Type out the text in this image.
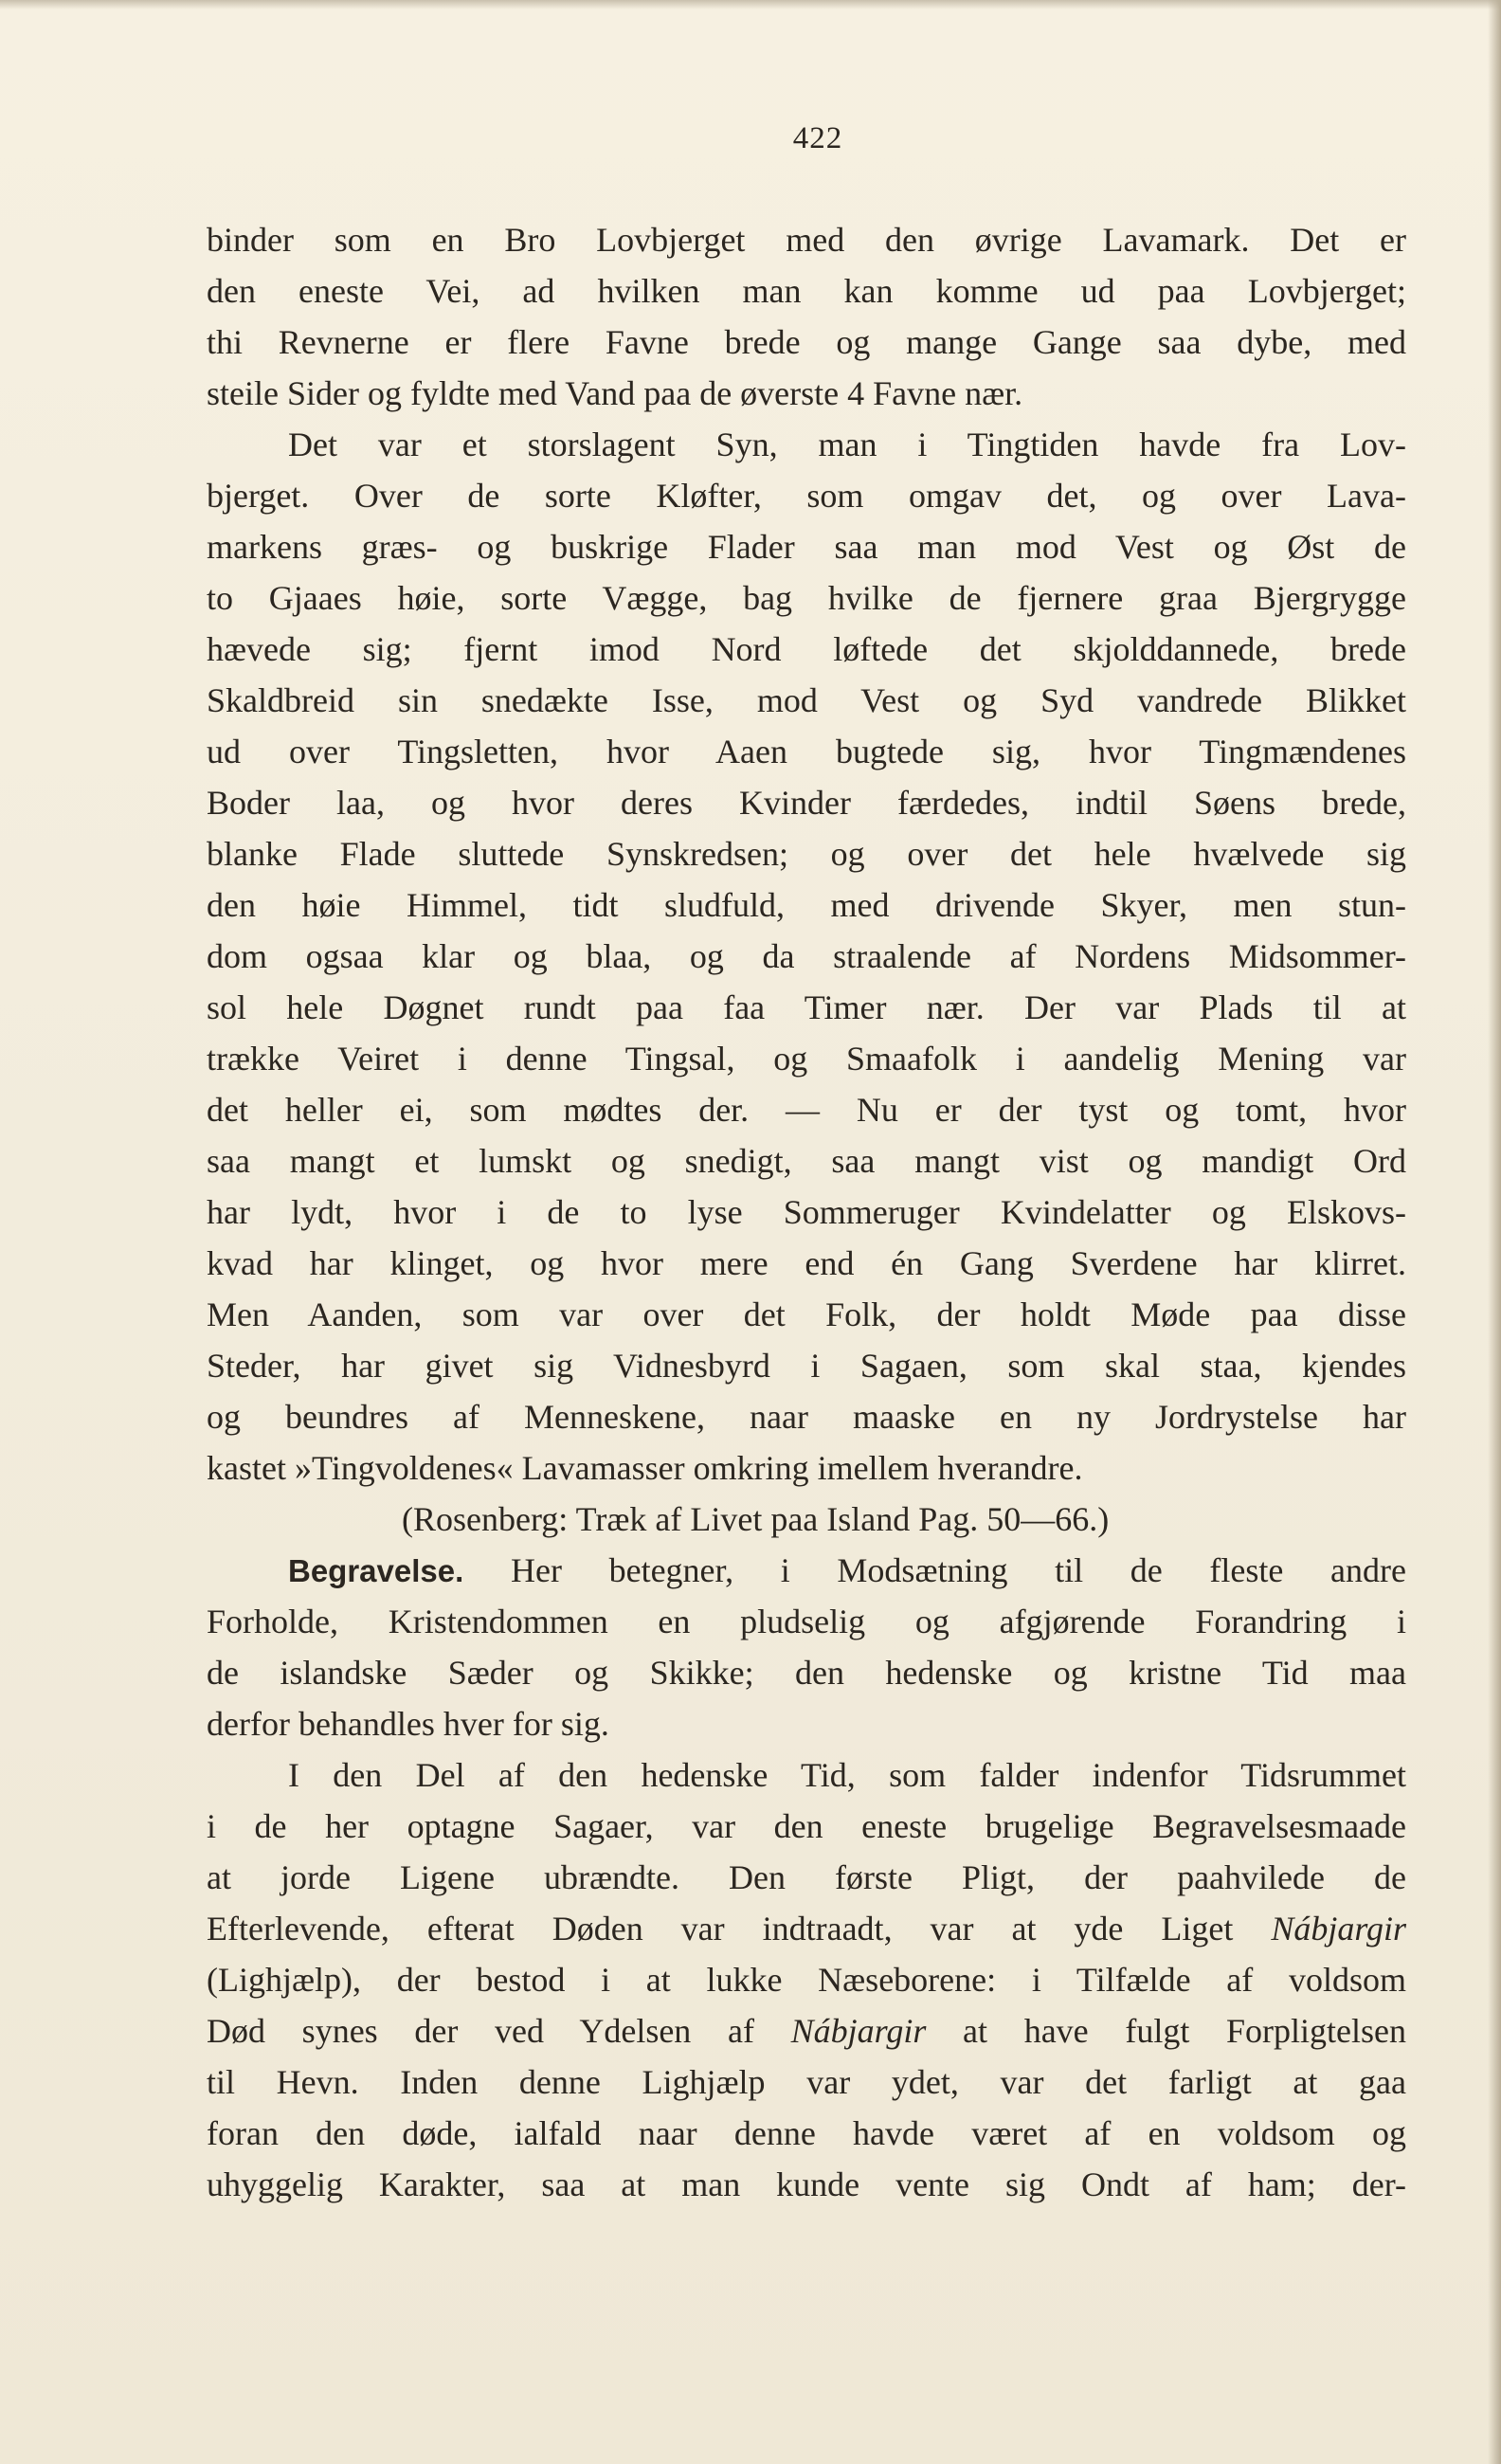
422
binder som en Bro Lovbjerget med den øvrige Lavamark. Det er
den eneste Vei, ad hvilken man kan komme ud paa Lovbjerget;
thi Revnerne er flere Favne brede og mange Gange saa dybe, med
steile Sider og fyldte med Vand paa de øverste 4 Favne nær.
Det var et storslagent Syn, man i Tingtiden havde fra Lov-
bjerget. Over de sorte Kløfter, som omgav det, og over Lava-
markens græs- og buskrige Flader saa man mod Vest og Øst de
to Gjaaes høie, sorte Vægge, bag hvilke de fjernere graa Bjergrygge
hævede sig; fjernt imod Nord løftede det skjolddannede, brede
Skaldbreid sin snedækte Isse, mod Vest og Syd vandrede Blikket
ud over Tingsletten, hvor Aaen bugtede sig, hvor Tingmændenes
Boder laa, og hvor deres Kvinder færdedes, indtil Søens brede,
blanke Flade sluttede Synskredsen; og over det hele hvælvede sig
den høie Himmel, tidt sludfuld, med drivende Skyer, men stun-
dom ogsaa klar og blaa, og da straalende af Nordens Midsommer-
sol hele Døgnet rundt paa faa Timer nær. Der var Plads til at
trække Veiret i denne Tingsal, og Smaafolk i aandelig Mening var
det heller ei, som mødtes der. — Nu er der tyst og tomt, hvor
saa mangt et lumskt og snedigt, saa mangt vist og mandigt Ord
har lydt, hvor i de to lyse Sommeruger Kvindelatter og Elskovs-
kvad har klinget, og hvor mere end én Gang Sverdene har klirret.
Men Aanden, som var over det Folk, der holdt Møde paa disse
Steder, har givet sig Vidnesbyrd i Sagaen, som skal staa, kjendes
og beundres af Menneskene, naar maaske en ny Jordrystelse har
kastet »Tingvoldenes« Lavamasser omkring imellem hverandre.
(Rosenberg: Træk af Livet paa Island Pag. 50—66.)
Begravelse. Her betegner, i Modsætning til de fleste andre
Forholde, Kristendommen en pludselig og afgjørende Forandring i
de islandske Sæder og Skikke; den hedenske og kristne Tid maa
derfor behandles hver for sig.
I den Del af den hedenske Tid, som falder indenfor Tidsrummet
i de her optagne Sagaer, var den eneste brugelige Begravelsesmaade
at jorde Ligene ubrændte. Den første Pligt, der paahvilede de
Efterlevende, efterat Døden var indtraadt, var at yde Liget Nábjargir
(Lighjælp), der bestod i at lukke Næseborene: i Tilfælde af voldsom
Død synes der ved Ydelsen af Nábjargir at have fulgt Forpligtelsen
til Hevn. Inden denne Lighjælp var ydet, var det farligt at gaa
foran den døde, ialfald naar denne havde været af en voldsom og
uhyggelig Karakter, saa at man kunde vente sig Ondt af ham; der-
